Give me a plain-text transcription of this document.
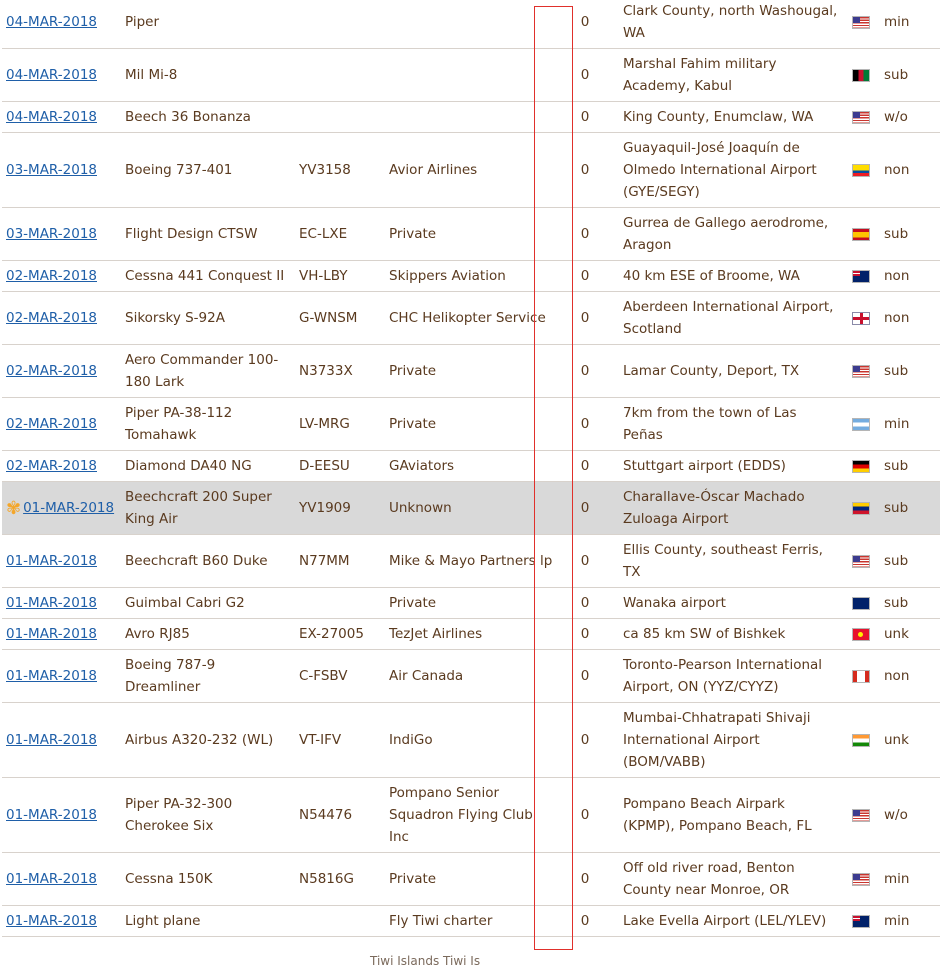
04-MAR-2018	Piper			0	Clark County, north Washougal, WA		min	
04-MAR-2018	Mil Mi-8			0	Marshal Fahim military Academy, Kabul		sub	
04-MAR-2018	Beech 36 Bonanza			0	King County, Enumclaw, WA		w/o	
03-MAR-2018	Boeing 737-401	YV3158	Avior Airlines	0	Guayaquil-José Joaquín de Olmedo International Airport (GYE/SEGY)		non	
03-MAR-2018	Flight Design CTSW	EC-LXE	Private	0	Gurrea de Gallego aerodrome, Aragon		sub	
02-MAR-2018	Cessna 441 Conquest II	VH-LBY	Skippers Aviation	0	40 km ESE of Broome, WA		non	
02-MAR-2018	Sikorsky S-92A	G-WNSM	CHC Helikopter Service	0	Aberdeen International Airport, Scotland		non	
02-MAR-2018	Aero Commander 100-180 Lark	N3733X	Private	0	Lamar County, Deport, TX		sub	
02-MAR-2018	Piper PA-38-112 Tomahawk	LV-MRG	Private	0	7km from the town of Las Peñas		min	
02-MAR-2018	Diamond DA40 NG	D-EESU	GAviators	0	Stuttgart airport (EDDS)		sub	
✾ 01-MAR-2018	Beechcraft 200 Super King Air	YV1909	Unknown	0	Charallave-Óscar Machado Zuloaga Airport		sub	
01-MAR-2018	Beechcraft B60 Duke	N77MM	Mike & Mayo Partners lp	0	Ellis County, southeast Ferris, TX		sub	
01-MAR-2018	Guimbal Cabri G2		Private	0	Wanaka airport		sub	
01-MAR-2018	Avro RJ85	EX-27005	TezJet Airlines	0	ca 85 km SW of Bishkek		unk	
01-MAR-2018	Boeing 787-9 Dreamliner	C-FSBV	Air Canada	0	Toronto-Pearson International Airport, ON (YYZ/CYYZ)		non	
01-MAR-2018	Airbus A320-232 (WL)	VT-IFV	IndiGo	0	Mumbai-Chhatrapati Shivaji International Airport (BOM/VABB)		unk	
01-MAR-2018	Piper PA-32-300 Cherokee Six	N54476	Pompano Senior Squadron Flying Club Inc	0	Pompano Beach Airpark (KPMP), Pompano Beach, FL		w/o	
01-MAR-2018	Cessna 150K	N5816G	Private	0	Off old river road, Benton County near Monroe, OR		min	
01-MAR-2018	Light plane		Fly Tiwi charter	0	Lake Evella Airport (LEL/YLEV)		min	
Tiwi Islands Tiwi Is
